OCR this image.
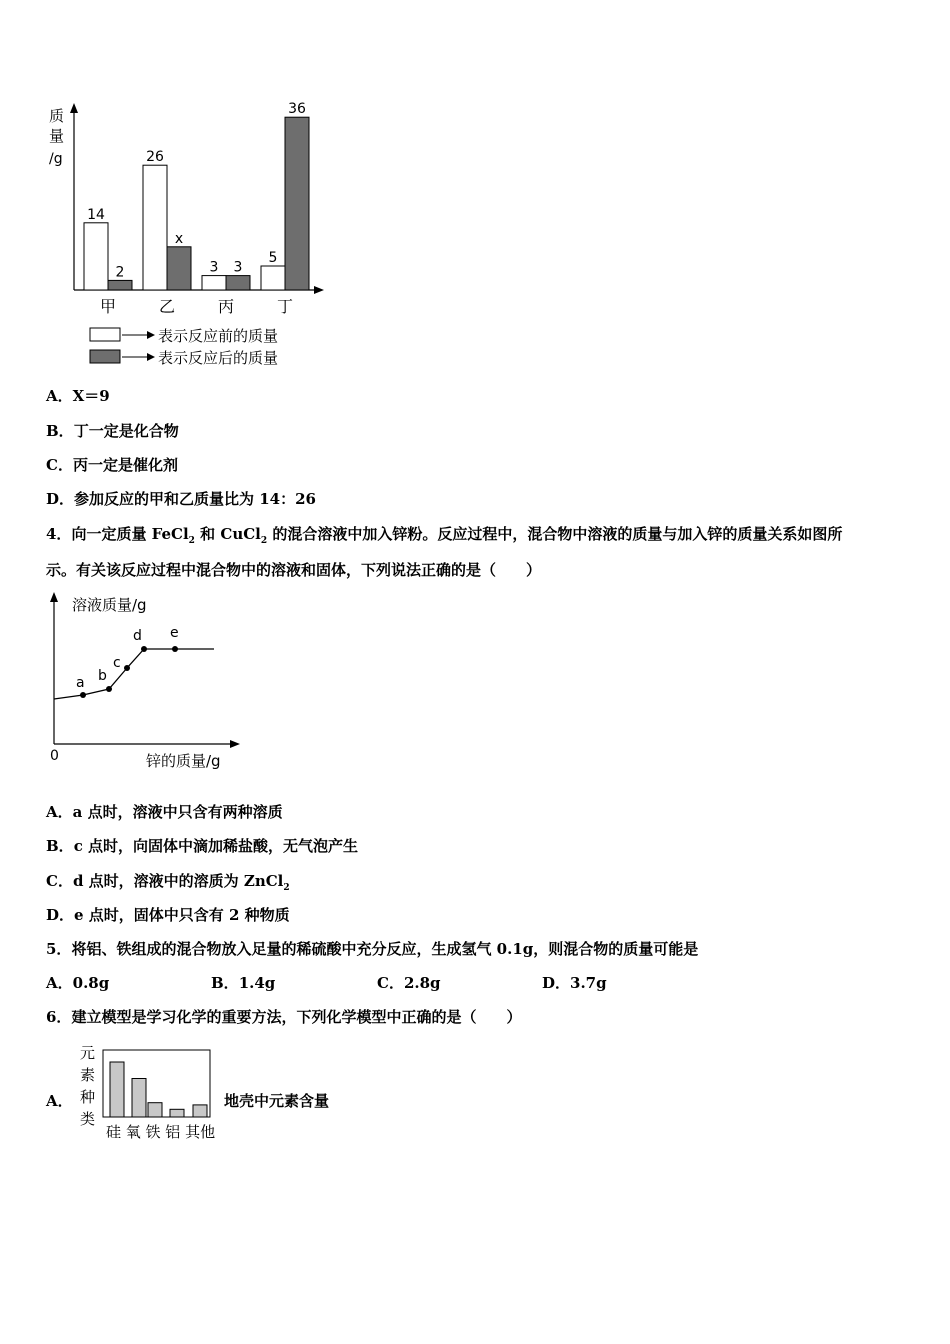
质
量
/g
14
2
甲
26
x
乙
3 3
丙
5
36
丁
表示反应前的质量
表示反应后的质量
A．X＝9
B．丁一定是化合物
C．丙一定是催化剂
D．参加反应的甲和乙质量比为 14：26
4．向一定质量 FeCl$_2$ 和 CuCl$_2$ 的混合溶液中加入锌粉。反应过程中，混合物中溶液的质量与加入锌的质量关系如图所
示。有关该反应过程中混合物中的溶液和固体，下列说法正确的是（　　）
溶液质量/g
锌的质量/g
0
a b
c
d e
A．a 点时，溶液中只含有两种溶质
B．c 点时，向固体中滴加稀盐酸，无气泡产生
C．d 点时，溶液中的溶质为 ZnCl$_2$
D．e 点时，固体中只含有 2 种物质
5．将铝、铁组成的混合物放入足量的稀硫酸中充分反应，生成氢气 0.1g，则混合物的质量可能是
A．0.8g	B．1.4g	C．2.8g	D．3.7g
6．建立模型是学习化学的重要方法，下列化学模型中正确的是（　　）
A．
元
素
种
类
硅 氧 铁 铝 其他
地壳中元素含量
